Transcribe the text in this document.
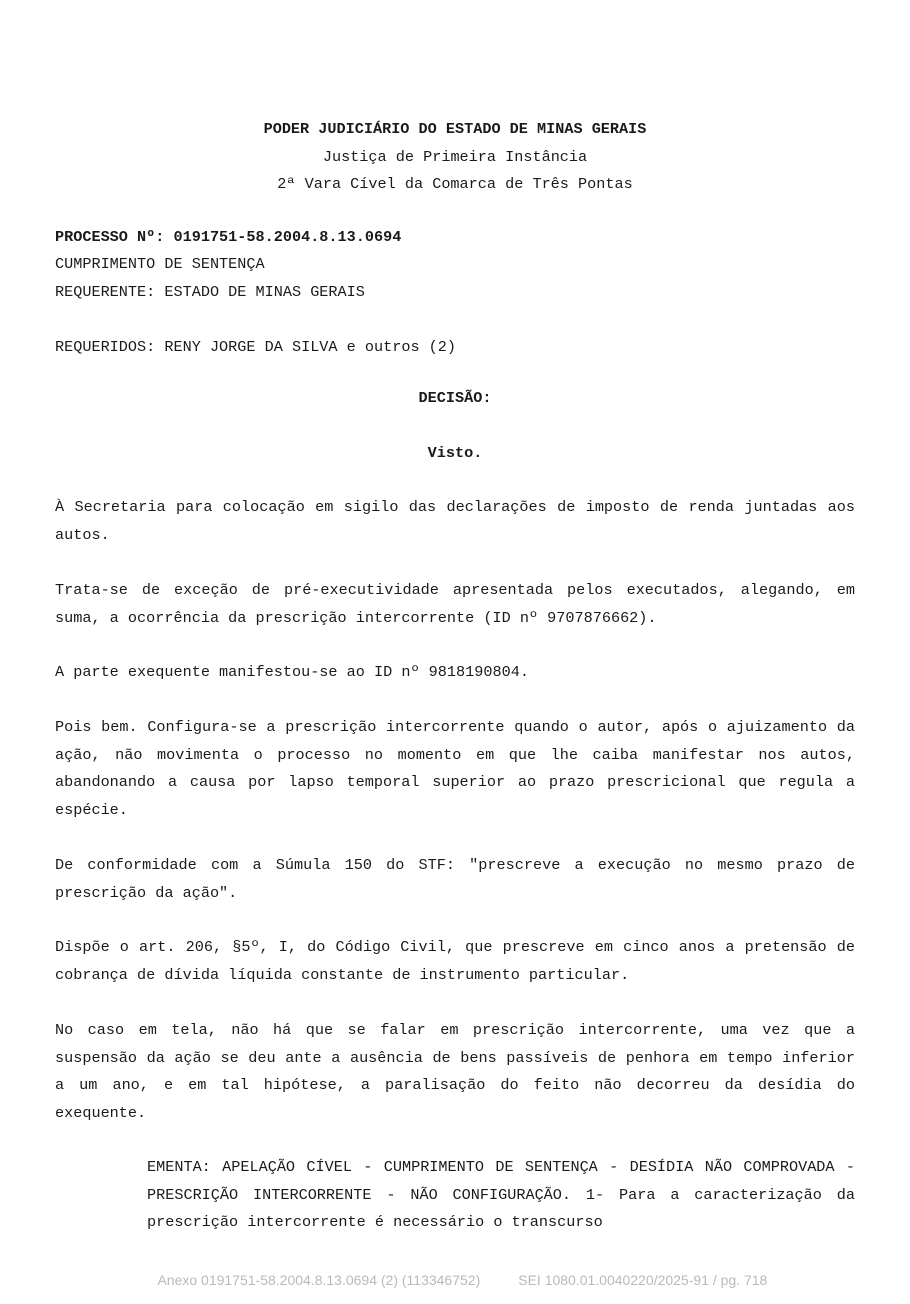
PODER JUDICIÁRIO DO ESTADO DE MINAS GERAIS
Justiça de Primeira Instância
2ª Vara Cível da Comarca de Três Pontas
PROCESSO Nº: 0191751-58.2004.8.13.0694
CUMPRIMENTO DE SENTENÇA
REQUERENTE: ESTADO DE MINAS GERAIS
REQUERIDOS: RENY JORGE DA SILVA e outros (2)
DECISÃO:
Visto.
À Secretaria para colocação em sigilo das declarações de imposto de renda juntadas aos autos.
Trata-se de exceção de pré-executividade apresentada pelos executados, alegando, em suma, a ocorrência da prescrição intercorrente (ID nº 9707876662).
A parte exequente manifestou-se ao ID nº 9818190804.
Pois bem. Configura-se a prescrição intercorrente quando o autor, após o ajuizamento da ação, não movimenta o processo no momento em que lhe caiba manifestar nos autos, abandonando a causa por lapso temporal superior ao prazo prescricional que regula a espécie.
De conformidade com a Súmula 150 do STF: "prescreve a execução no mesmo prazo de prescrição da ação".
Dispõe o art. 206, §5º, I, do Código Civil, que prescreve em cinco anos a pretensão de cobrança de dívida líquida constante de instrumento particular.
No caso em tela, não há que se falar em prescrição intercorrente, uma vez que a suspensão da ação se deu ante a ausência de bens passíveis de penhora em tempo inferior a um ano, e em tal hipótese, a paralisação do feito não decorreu da desídia do exequente.
EMENTA: APELAÇÃO CÍVEL - CUMPRIMENTO DE SENTENÇA - DESÍDIA NÃO COMPROVADA - PRESCRIÇÃO INTERCORRENTE - NÃO CONFIGURAÇÃO. 1- Para a caracterização da prescrição intercorrente é necessário o transcurso

Anexo 0191751-58.2004.8.13.0694 (2) (113346752)	SEI 1080.01.0040220/2025-91 / pg. 718
